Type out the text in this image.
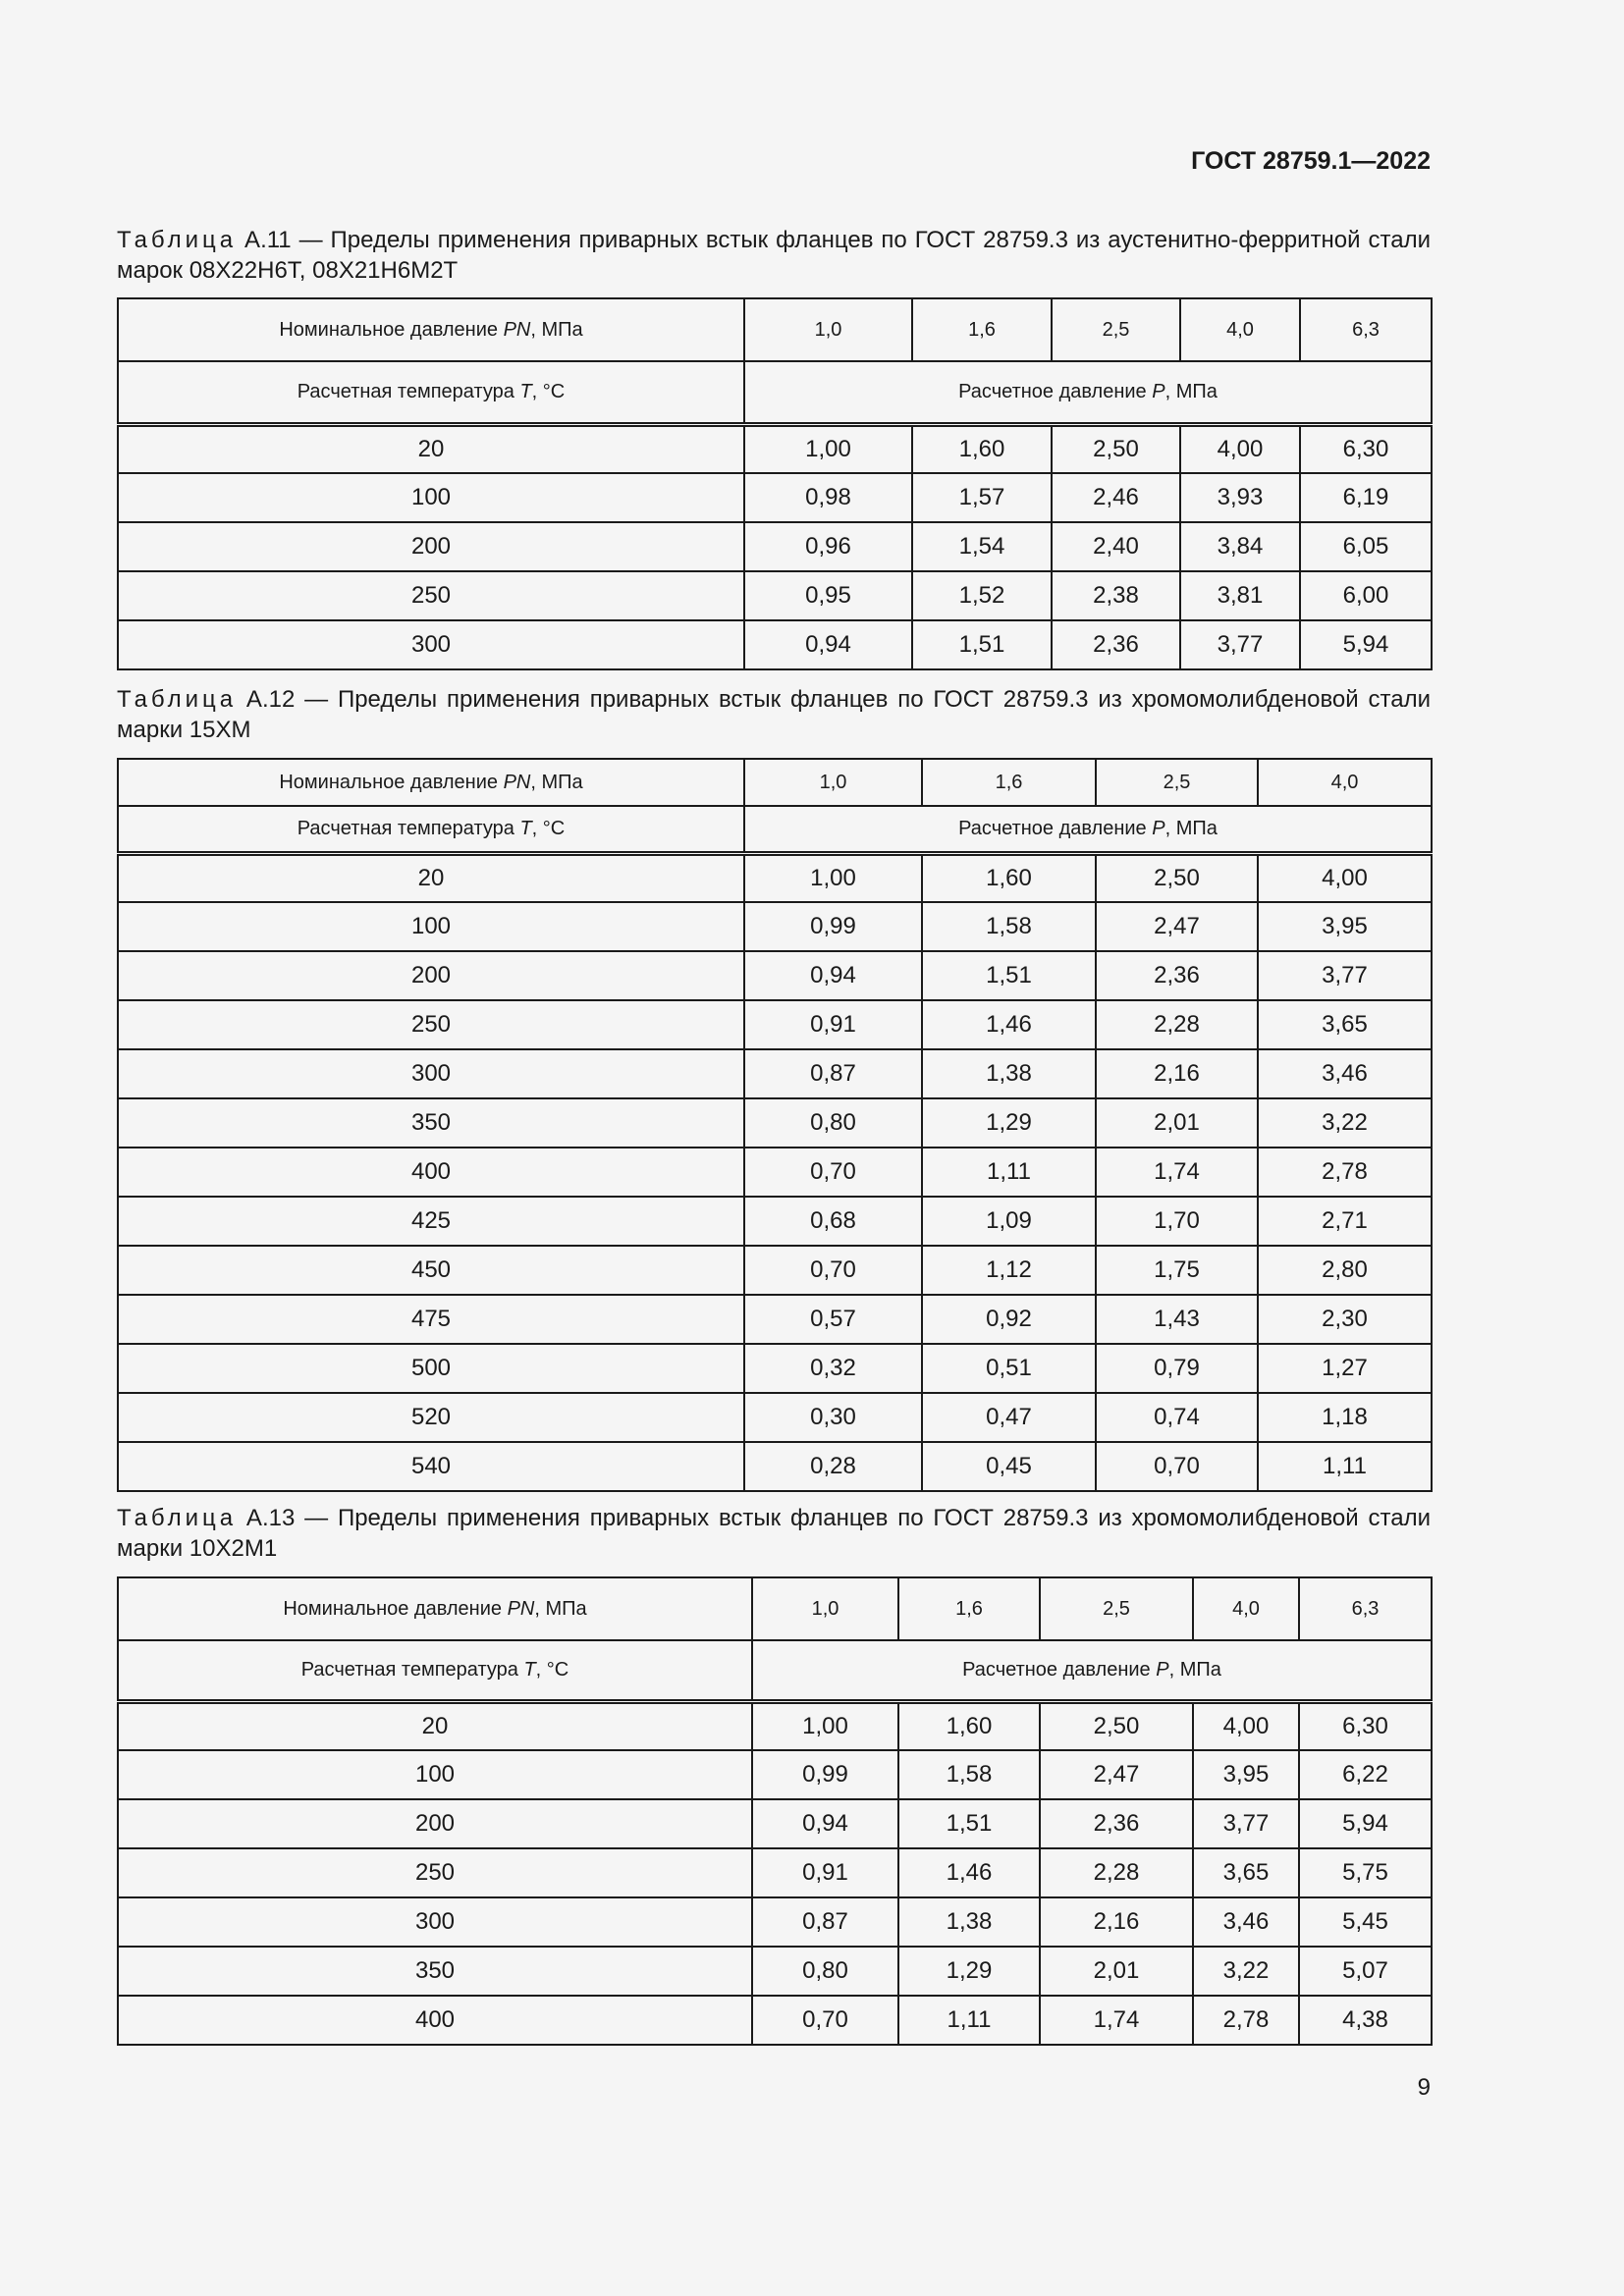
ГОСТ 28759.1—2022
Таблица А.11 — Пределы применения приварных встык фланцев по ГОСТ 28759.3 из аустенитно-ферритной стали марок 08Х22Н6Т, 08Х21Н6М2Т
Номинальное давление PN, МПа	1,0	1,6	2,5	4,0	6,3
Расчетная температура T, °С	Расчетное давление P, МПа				
20	1,00	1,60	2,50	4,00	6,30
100	0,98	1,57	2,46	3,93	6,19
200	0,96	1,54	2,40	3,84	6,05
250	0,95	1,52	2,38	3,81	6,00
300	0,94	1,51	2,36	3,77	5,94
Таблица А.12 — Пределы применения приварных встык фланцев по ГОСТ 28759.3 из хромомолибденовой стали марки 15ХМ
Номинальное давление PN, МПа	1,0	1,6	2,5	4,0
Расчетная температура T, °С	Расчетное давление P, МПа			
20	1,00	1,60	2,50	4,00
100	0,99	1,58	2,47	3,95
200	0,94	1,51	2,36	3,77
250	0,91	1,46	2,28	3,65
300	0,87	1,38	2,16	3,46
350	0,80	1,29	2,01	3,22
400	0,70	1,11	1,74	2,78
425	0,68	1,09	1,70	2,71
450	0,70	1,12	1,75	2,80
475	0,57	0,92	1,43	2,30
500	0,32	0,51	0,79	1,27
520	0,30	0,47	0,74	1,18
540	0,28	0,45	0,70	1,11
Таблица А.13 — Пределы применения приварных встык фланцев по ГОСТ 28759.3 из хромомолибденовой стали марки 10Х2М1
Номинальное давление PN, МПа	1,0	1,6	2,5	4,0	6,3
Расчетная температура T, °С	Расчетное давление P, МПа				
20	1,00	1,60	2,50	4,00	6,30
100	0,99	1,58	2,47	3,95	6,22
200	0,94	1,51	2,36	3,77	5,94
250	0,91	1,46	2,28	3,65	5,75
300	0,87	1,38	2,16	3,46	5,45
350	0,80	1,29	2,01	3,22	5,07
400	0,70	1,11	1,74	2,78	4,38
9
